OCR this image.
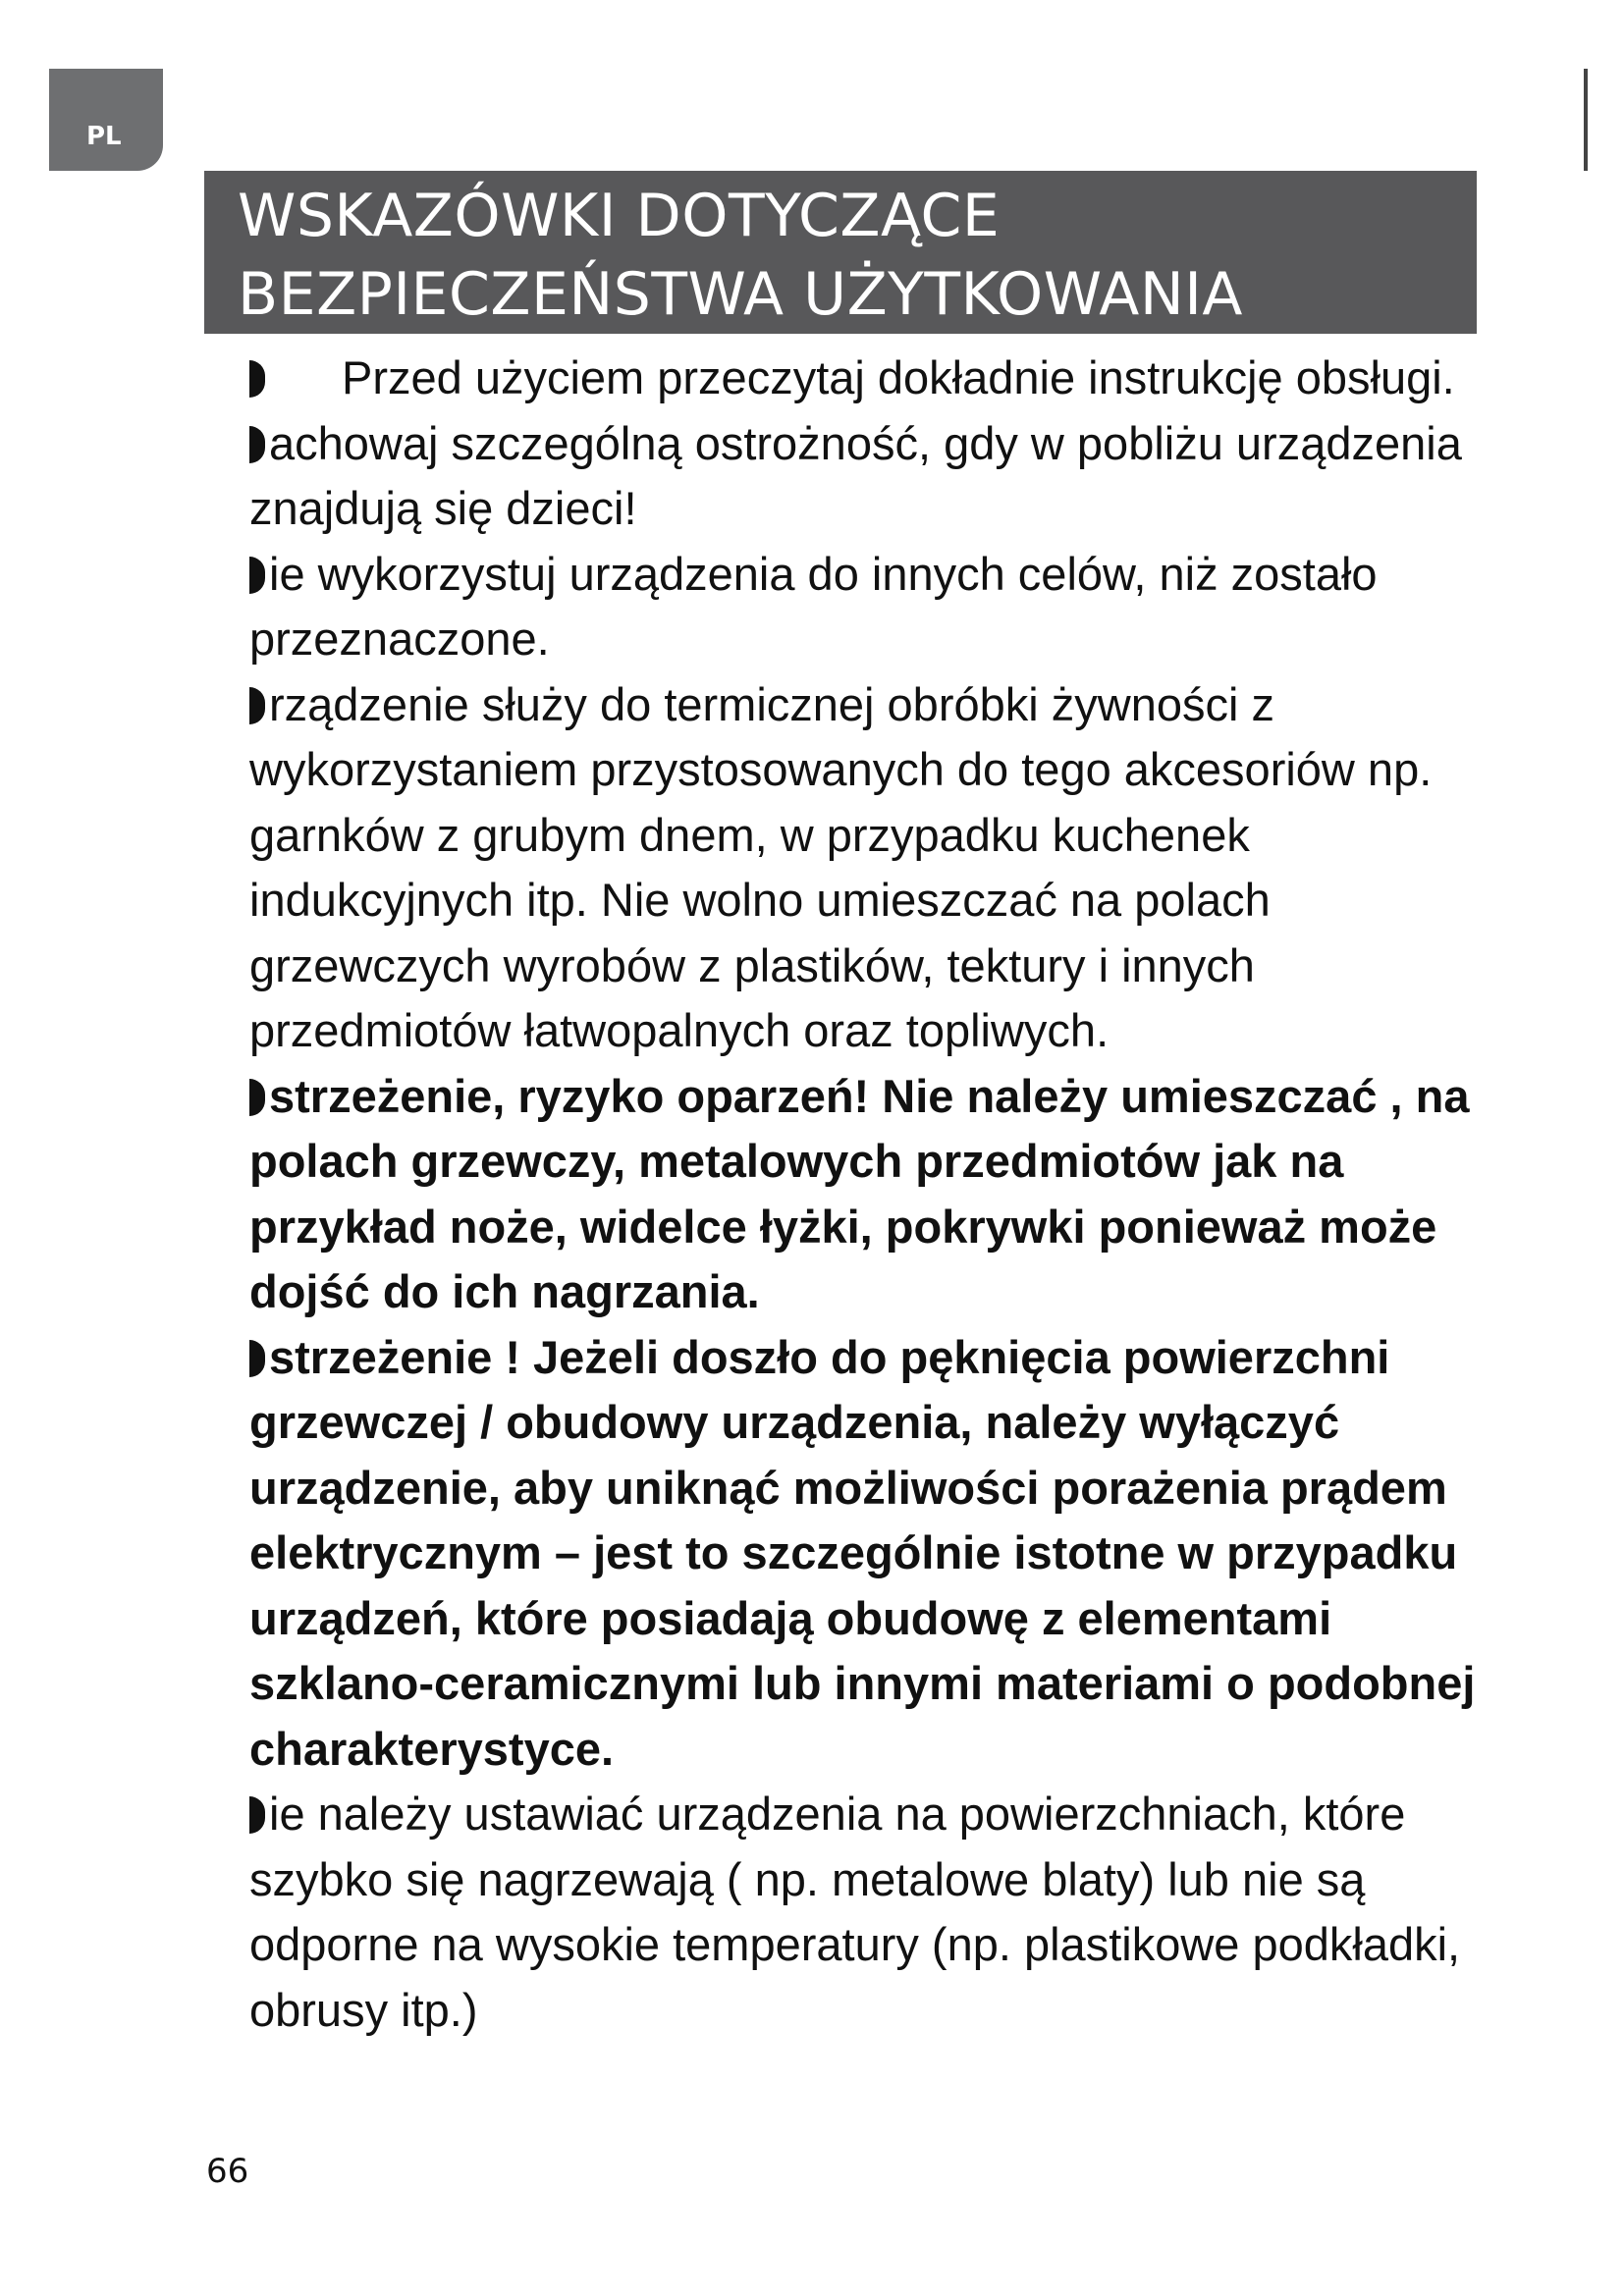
PL
WSKAZÓWKI DOTYCZĄCE
BEZPIECZEŃSTWA UŻYTKOWANIA

Przed użyciem przeczytaj dokładnie instrukcję obsługi.

achowaj szczególną ostrożność, gdy w pobliżu urządzenia znajdują się dzieci!

ie wykorzystuj urządzenia do innych celów, niż zostało przeznaczone.

rządzenie służy do termicznej obróbki żywności z wykorzystaniem przystosowanych do tego akcesoriów np. garnków z grubym dnem, w przypadku kuchenek indukcyjnych itp. Nie wolno umieszczać na polach grzewczych wyrobów z plastików, tektury i innych przedmiotów łatwopalnych oraz topliwych.

strzeżenie, ryzyko oparzeń! Nie należy umieszczać , na polach grzewczy, metalowych przedmiotów jak na przykład noże, widelce łyżki, pokrywki ponieważ może dojść do ich nagrzania.

strzeżenie ! Jeżeli doszło do pęknięcia powierzchni grzewczej / obudowy urządzenia, należy wyłączyć urządzenie, aby uniknąć możliwości porażenia prądem elektrycznym – jest to szczególnie istotne w przypadku urządzeń, które posiadają obudowę z elementami szklano-ceramicznymi lub innymi materiami o podobnej charakterystyce.

ie należy ustawiać urządzenia na powierzchniach, które szybko się nagrzewają ( np. metalowe blaty) lub nie są odporne na wysokie temperatury (np. plastikowe podkładki, obrusy itp.)

66
